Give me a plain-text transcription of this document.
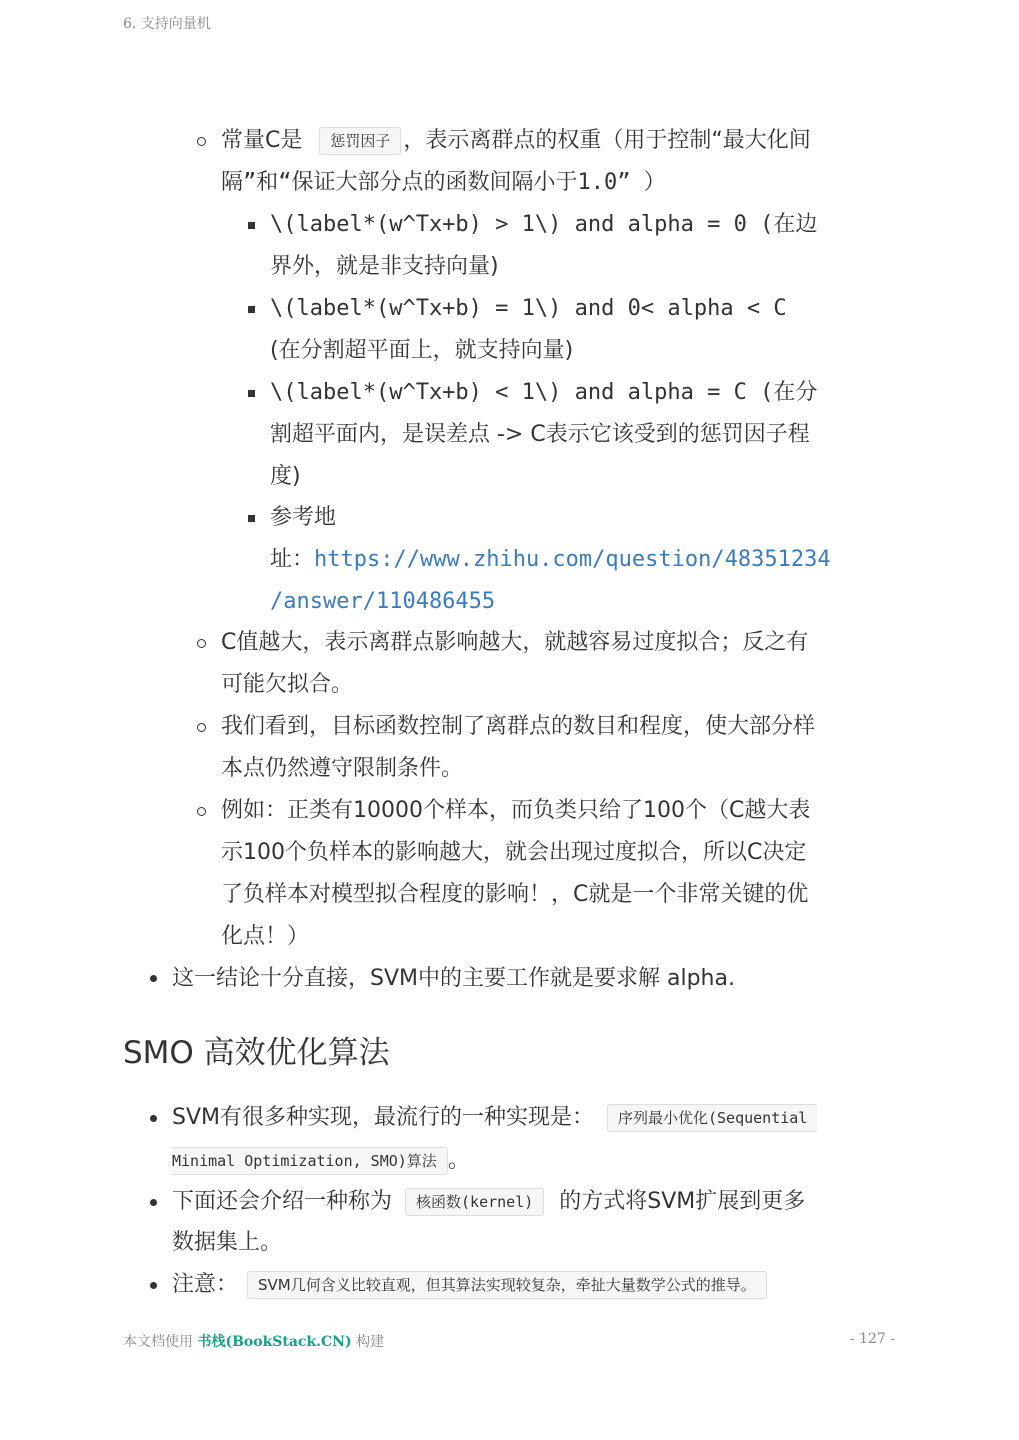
6. 支持向量机
常量C是 惩罚因子 ，表示离群点的权重（用于控制“最大化间
隔”和“保证大部分点的函数间隔小于1.0” ）
\(label*(w^Tx+b) > 1\) and alpha = 0 (在边
界外，就是非支持向量)
\(label*(w^Tx+b) = 1\) and 0< alpha < C
(在分割超平面上，就支持向量)
\(label*(w^Tx+b) < 1\) and alpha = C (在分
割超平面内，是误差点 -> C表示它该受到的惩罚因子程
度)
参考地
址：https://www.zhihu.com/question/48351234
/answer/110486455
C值越大，表示离群点影响越大，就越容易过度拟合；反之有
可能欠拟合。
我们看到，目标函数控制了离群点的数目和程度，使大部分样
本点仍然遵守限制条件。
例如：正类有10000个样本，而负类只给了100个（C越大表
示100个负样本的影响越大，就会出现过度拟合，所以C决定
了负样本对模型拟合程度的影响！，C就是一个非常关键的优
化点！）
这一结论十分直接，SVM中的主要工作就是要求解 alpha.
SMO 高效优化算法
SVM有很多种实现，最流行的一种实现是： 序列最小优化(Sequential
Minimal Optimization, SMO)算法 。
下面还会介绍一种称为 核函数(kernel) 的方式将SVM扩展到更多
数据集上。
注意： SVM几何含义比较直观，但其算法实现较复杂，牵扯大量数学公式的推导。
本文档使用 书栈(BookStack.CN) 构建	- 127 -
